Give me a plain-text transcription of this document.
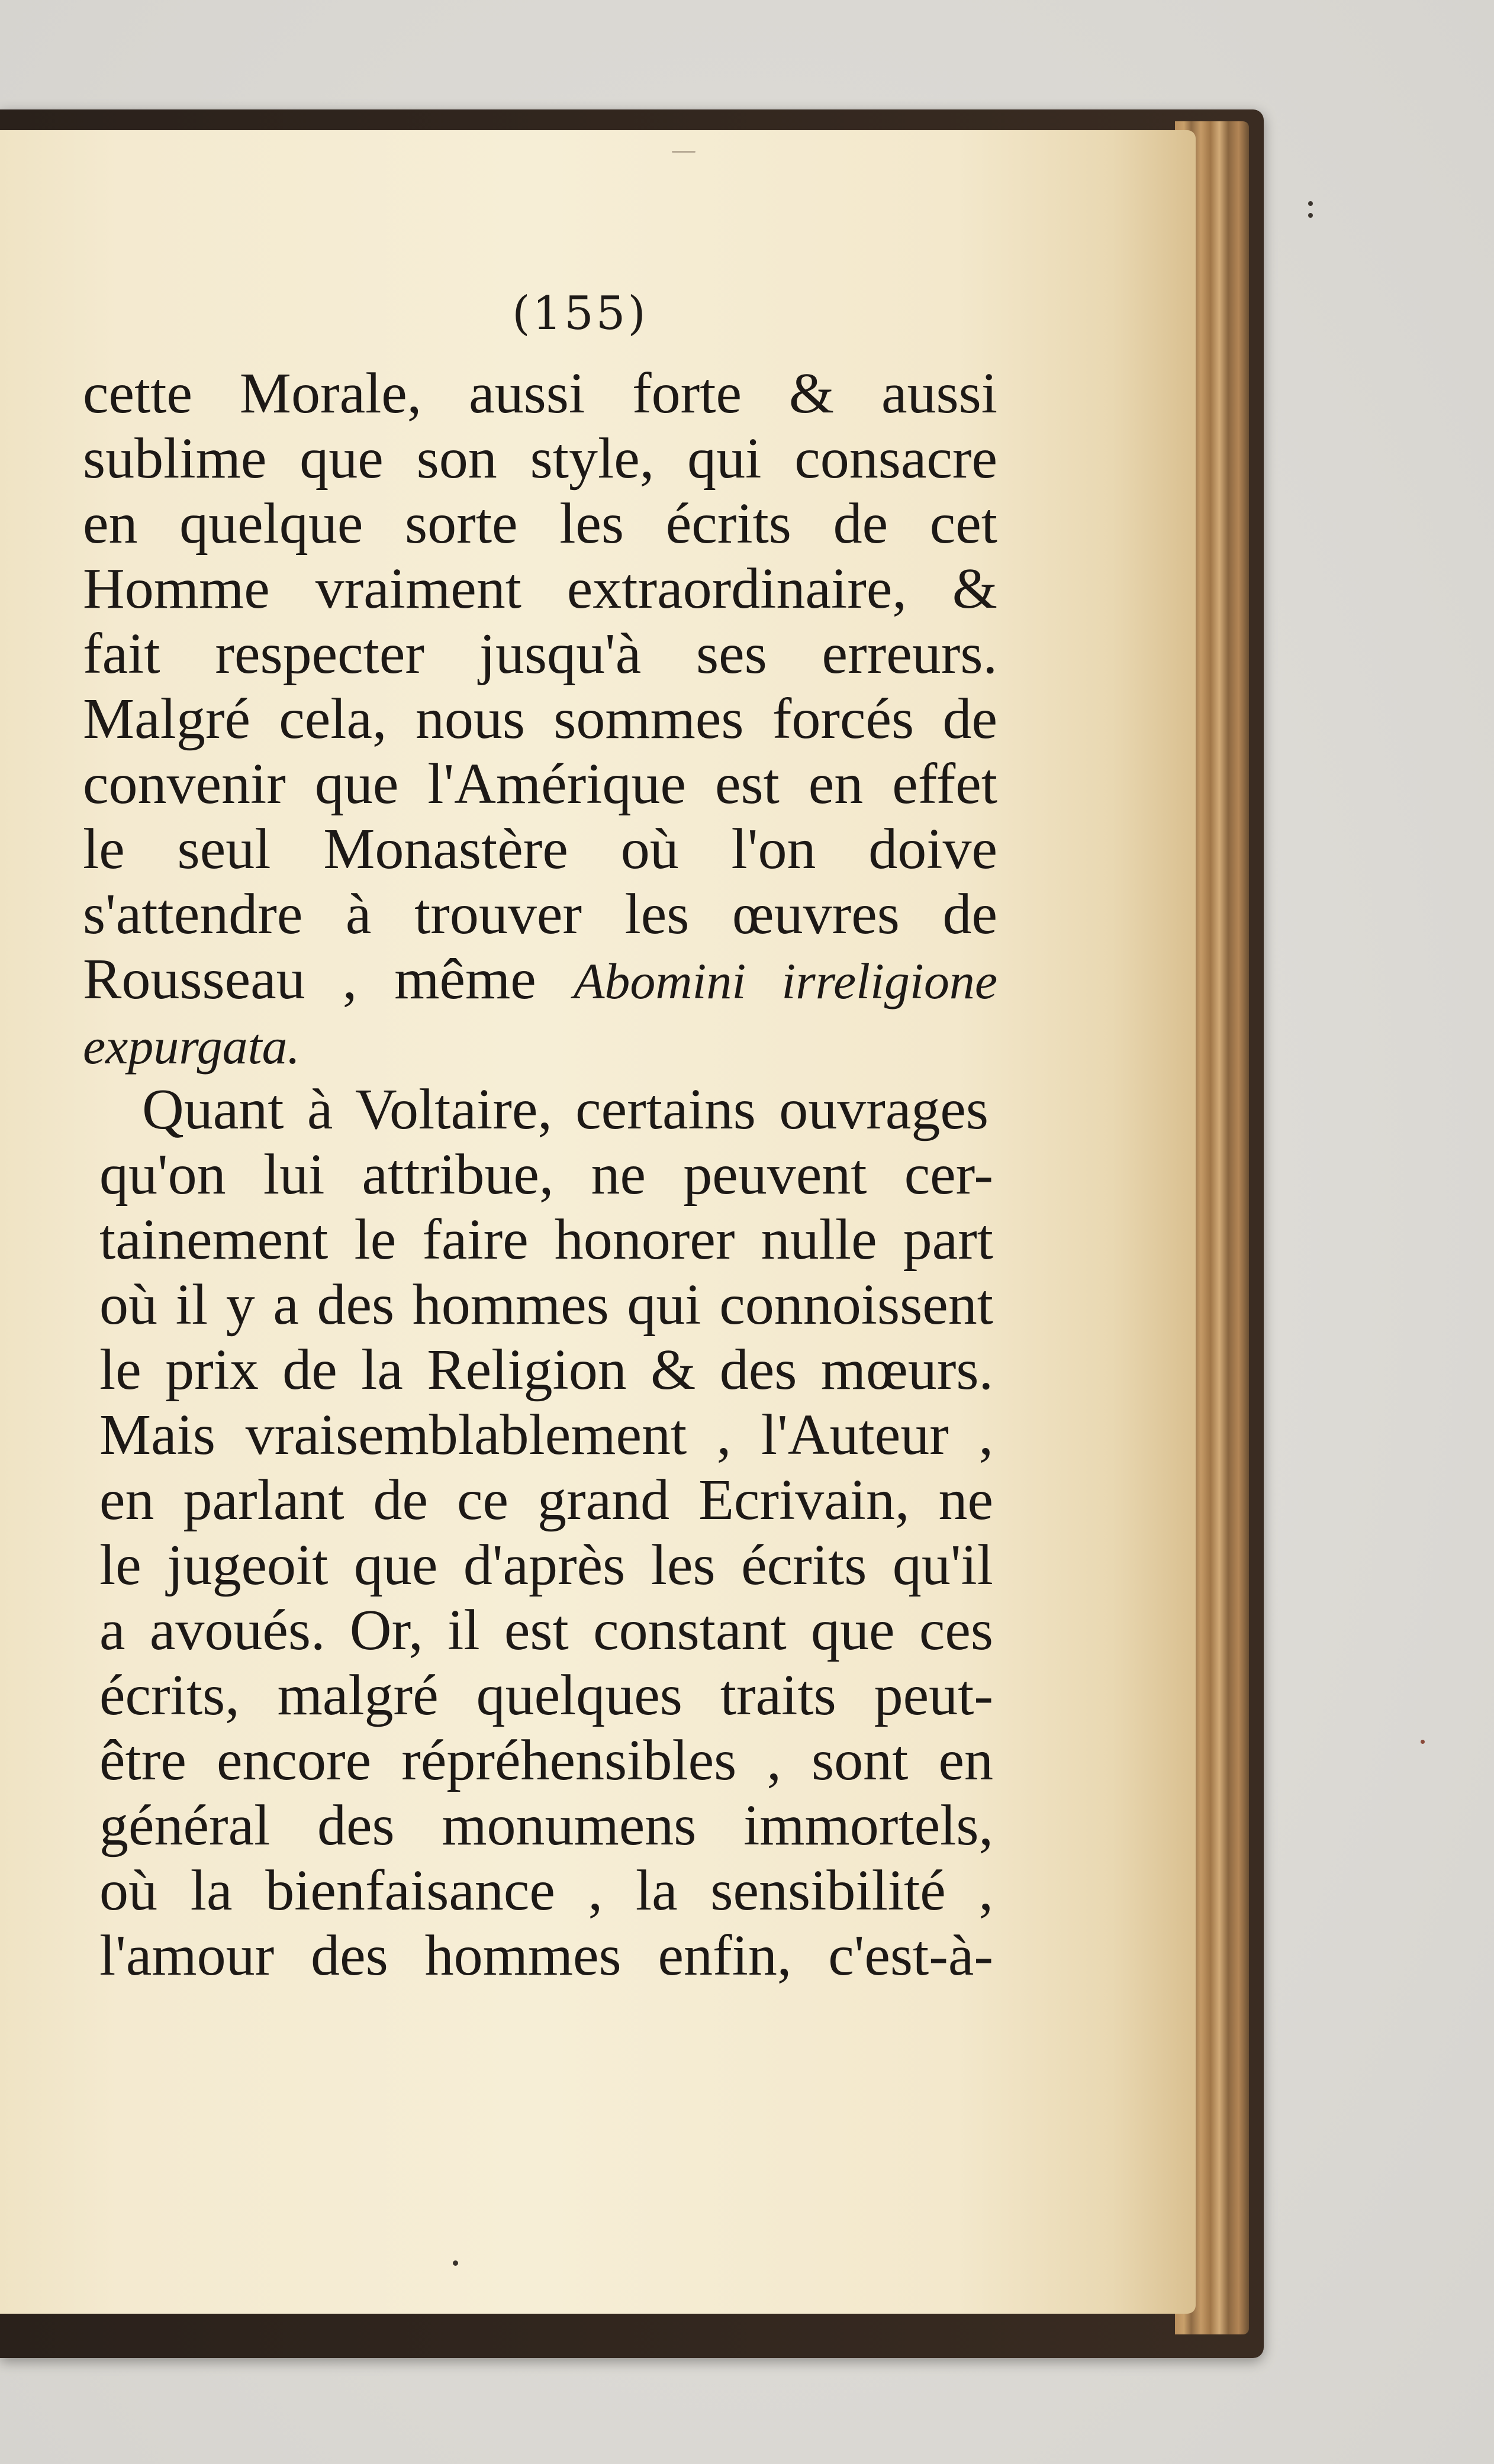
(155)
cette Morale, aussi forte & aussi
sublime que son style, qui consacre
en quelque sorte les écrits de cet
Homme vraiment extraordinaire, &
fait respecter jusqu'à ses erreurs.
Malgré cela, nous sommes forcés de
convenir que l'Amérique est en effet
le seul Monastère où l'on doive
s'attendre à trouver les œuvres de
Rousseau , même Abomini irreligione
expurgata.
Quant à Voltaire, certains ouvrages
qu'on lui attribue, ne peuvent cer-
tainement le faire honorer nulle part
où il y a des hommes qui connoissent
le prix de la Religion & des mœurs.
Mais vraisemblablement , l'Auteur ,
en parlant de ce grand Ecrivain, ne
le jugeoit que d'après les écrits qu'il
a avoués. Or, il est constant que ces
écrits, malgré quelques traits peut-
être encore répréhensibles , sont en
général des monumens immortels,
où la bienfaisance , la sensibilité ,
l'amour des hommes enfin, c'est-à-
